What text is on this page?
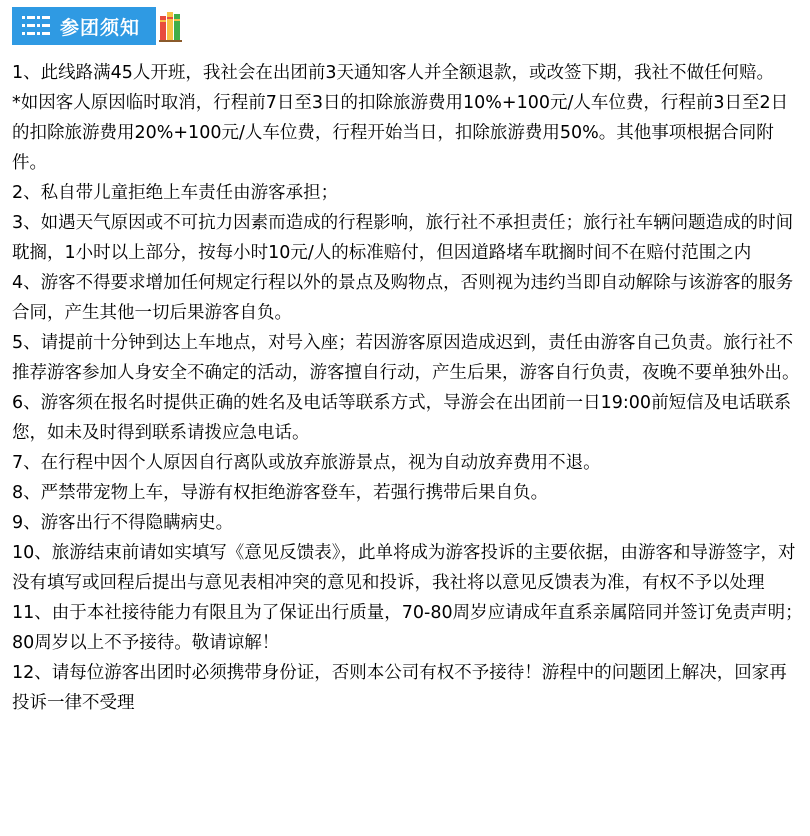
参团须知
1、此线路满45人开班，我社会在出团前3天通知客人并全额退款，或改签下期，我社不做任何赔。
*如因客人原因临时取消，行程前7日至3日的扣除旅游费用10%+100元/人车位费，行程前3日至2日的扣除旅游费用20%+100元/人车位费，行程开始当日，扣除旅游费用50%。其他事项根据合同附件。
2、私自带儿童拒绝上车责任由游客承担；
3、如遇天气原因或不可抗力因素而造成的行程影响，旅行社不承担责任；旅行社车辆问题造成的时间耽搁，1小时以上部分，按每小时10元/人的标准赔付，但因道路堵车耽搁时间不在赔付范围之内
4、游客不得要求增加任何规定行程以外的景点及购物点，否则视为违约当即自动解除与该游客的服务合同，产生其他一切后果游客自负。
5、请提前十分钟到达上车地点，对号入座；若因游客原因造成迟到，责任由游客自己负责。旅行社不推荐游客参加人身安全不确定的活动，游客擅自行动，产生后果，游客自行负责，夜晚不要单独外出。
6、游客须在报名时提供正确的姓名及电话等联系方式，导游会在出团前一日19:00前短信及电话联系您，如未及时得到联系请拨应急电话。
7、在行程中因个人原因自行离队或放弃旅游景点，视为自动放弃费用不退。
8、严禁带宠物上车，导游有权拒绝游客登车，若强行携带后果自负。
9、游客出行不得隐瞒病史。
10、旅游结束前请如实填写《意见反馈表》，此单将成为游客投诉的主要依据，由游客和导游签字，对没有填写或回程后提出与意见表相冲突的意见和投诉，我社将以意见反馈表为准，有权不予以处理
11、由于本社接待能力有限且为了保证出行质量，70-80周岁应请成年直系亲属陪同并签订免责声明；80周岁以上不予接待。敬请谅解！
12、请每位游客出团时必须携带身份证，否则本公司有权不予接待！游程中的问题团上解决，回家再投诉一律不受理
